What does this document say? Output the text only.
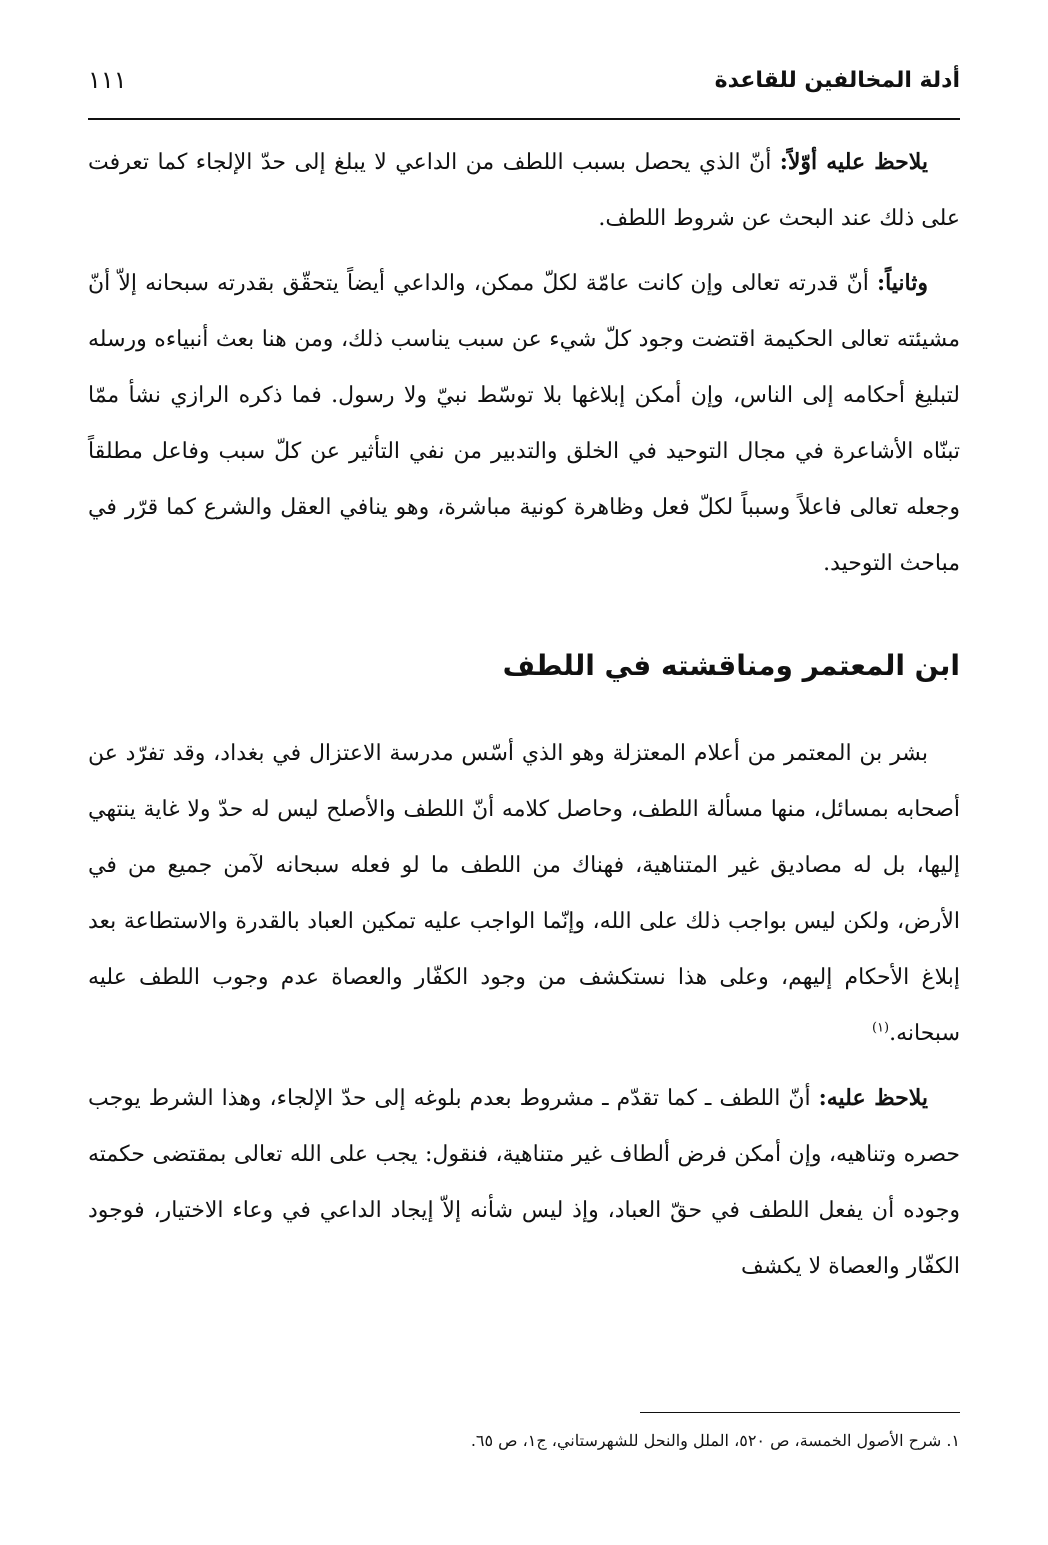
أدلة المخالفين للقاعدة
١١١

يلاحظ عليه أوّلاً: أنّ الذي يحصل بسبب اللطف من الداعي لا يبلغ إلى حدّ الإلجاء كما تعرفت على ذلك عند البحث عن شروط اللطف.

وثانياً: أنّ قدرته تعالى وإن كانت عامّة لكلّ ممكن، والداعي أيضاً يتحقّق بقدرته سبحانه إلاّ أنّ مشيئته تعالى الحكيمة اقتضت وجود كلّ شيء عن سبب يناسب ذلك، ومن هنا بعث أنبياءه ورسله لتبليغ أحكامه إلى الناس، وإن أمكن إبلاغها بلا توسّط نبيّ ولا رسول. فما ذكره الرازي نشأ ممّا تبنّاه الأشاعرة في مجال التوحيد في الخلق والتدبير من نفي التأثير عن كلّ سبب وفاعل مطلقاً وجعله تعالى فاعلاً وسبباً لكلّ فعل وظاهرة كونية مباشرة، وهو ينافي العقل والشرع كما قرّر في مباحث التوحيد.

ابن المعتمر ومناقشته في اللطف

بشر بن المعتمر من أعلام المعتزلة وهو الذي أسّس مدرسة الاعتزال في بغداد، وقد تفرّد عن أصحابه بمسائل، منها مسألة اللطف، وحاصل كلامه أنّ اللطف والأصلح ليس له حدّ ولا غاية ينتهي إليها، بل له مصاديق غير المتناهية، فهناك من اللطف ما لو فعله سبحانه لآمن جميع من في الأرض، ولكن ليس بواجب ذلك على الله، وإنّما الواجب عليه تمكين العباد بالقدرة والاستطاعة بعد إبلاغ الأحكام إليهم، وعلى هذا نستكشف من وجود الكفّار والعصاة عدم وجوب اللطف عليه سبحانه.$^{(١)}$

يلاحظ عليه: أنّ اللطف ـ كما تقدّم ـ مشروط بعدم بلوغه إلى حدّ الإلجاء، وهذا الشرط يوجب حصره وتناهيه، وإن أمكن فرض ألطاف غير متناهية، فنقول: يجب على الله تعالى بمقتضى حكمته وجوده أن يفعل اللطف في حقّ العباد، وإذ ليس شأنه إلاّ إيجاد الداعي في وعاء الاختيار، فوجود الكفّار والعصاة لا يكشف

١. شرح الأصول الخمسة، ص ٥٢٠، الملل والنحل للشهرستاني، ج١، ص ٦٥.
